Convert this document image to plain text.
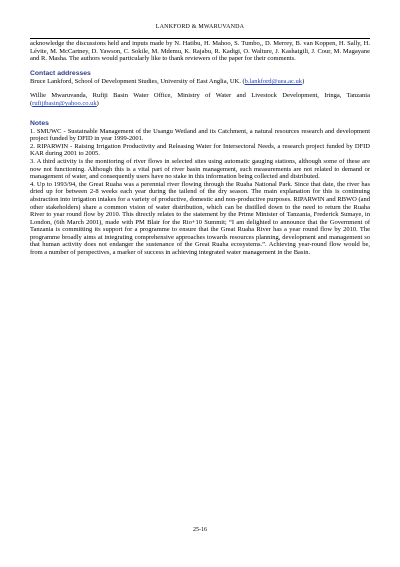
LANKFORD & MWARUVANDA

acknowledge the discussions held and inputs made by N. Hatibu, H. Mahoo, S. Tumbo,, D. Merrey, B. van Koppen, H. Sally, H. Lévite, M. McCartney, D. Yawson, C. Sokile, M. Mdemu, K. Rajabu, R. Kadigi, O. Walture, J. Kashaigili, J. Cour, M. Magayane and R. Masha. The authors would particularly like to thank reviewers of the paper for their comments.

Contact addresses

Bruce Lankford, School of Development Studies, University of East Anglia, UK. (b.lankford@uea.ac.uk)

Willie Mwaruvanda, Rufiji Basin Water Office, Ministry of Water and Livestock Development, Iringa, Tanzania (rufijibasin@yahoo.co.uk)

Notes

1. SMUWC - Sustainable Management of the Usangu Wetland and its Catchment, a natural resources research and development project funded by DFID in year 1999-2001.

2. RIPARWIN - Raising Irrigation Productivity and Releasing Water for Intersectoral Needs, a research project funded by DFID KAR during 2001 to 2005.

3. A third activity is the monitoring of river flows in selected sites using automatic gauging stations, although some of these are now not functioning. Although this is a vital part of river basin management, such measurements are not related to demand or management of water, and consequently users have no stake in this information being collected and distributed.

4. Up to 1993/94, the Great Ruaha was a perennial river flowing through the Ruaha National Park. Since that date, the river has dried up for between 2-8 weeks each year during the tailend of the dry season. The main explanation for this is continuing abstraction into irrigation intakes for a variety of productive, domestic and non-productive purposes. RIPARWIN and RBWO (and other stakeholders) share a common vision of water distribution, which can be distilled down to the need to return the Ruaha River to year round flow by 2010. This directly relates to the statement by the Prime Minister of Tanzania, Frederick Sumaye, in London, (6th March 2001), made with PM Blair for the Rio+10 Summit; “I am delighted to announce that the Government of Tanzania is committing its support for a programme to ensure that the Great Ruaha River has a year round flow by 2010. The programme broadly aims at integrating comprehensive approaches towards resources planning, development and management so that human activity does not endanger the sustenance of the Great Ruaha ecosystems.”. Achieving year-round flow would be, from a number of perspectives, a marker of success in achieving integrated water management in the Basin.

25-16
